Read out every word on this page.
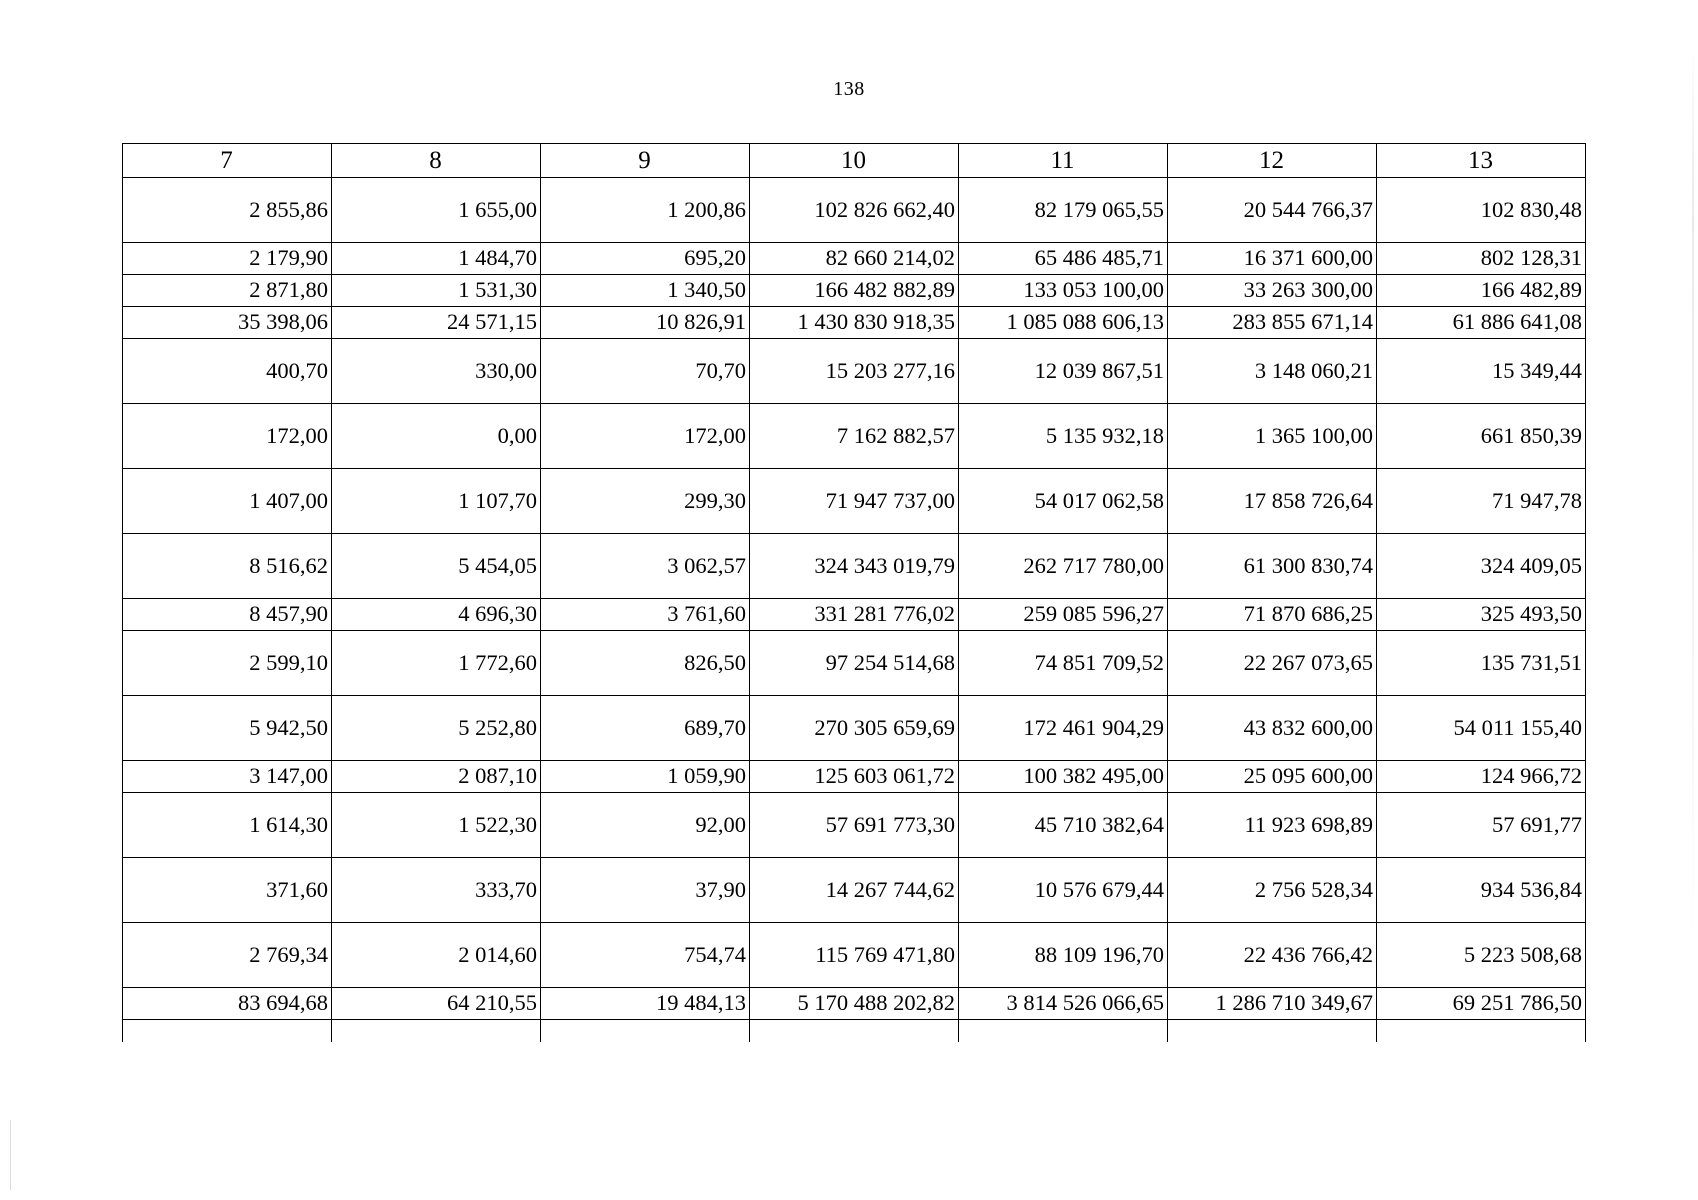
138
7	8	9	10	11	12	13
2 855,86	1 655,00	1 200,86	102 826 662,40	82 179 065,55	20 544 766,37	102 830,48
2 179,90	1 484,70	695,20	82 660 214,02	65 486 485,71	16 371 600,00	802 128,31
2 871,80	1 531,30	1 340,50	166 482 882,89	133 053 100,00	33 263 300,00	166 482,89
35 398,06	24 571,15	10 826,91	1 430 830 918,35	1 085 088 606,13	283 855 671,14	61 886 641,08
400,70	330,00	70,70	15 203 277,16	12 039 867,51	3 148 060,21	15 349,44
172,00	0,00	172,00	7 162 882,57	5 135 932,18	1 365 100,00	661 850,39
1 407,00	1 107,70	299,30	71 947 737,00	54 017 062,58	17 858 726,64	71 947,78
8 516,62	5 454,05	3 062,57	324 343 019,79	262 717 780,00	61 300 830,74	324 409,05
8 457,90	4 696,30	3 761,60	331 281 776,02	259 085 596,27	71 870 686,25	325 493,50
2 599,10	1 772,60	826,50	97 254 514,68	74 851 709,52	22 267 073,65	135 731,51
5 942,50	5 252,80	689,70	270 305 659,69	172 461 904,29	43 832 600,00	54 011 155,40
3 147,00	2 087,10	1 059,90	125 603 061,72	100 382 495,00	25 095 600,00	124 966,72
1 614,30	1 522,30	92,00	57 691 773,30	45 710 382,64	11 923 698,89	57 691,77
371,60	333,70	37,90	14 267 744,62	10 576 679,44	2 756 528,34	934 536,84
2 769,34	2 014,60	754,74	115 769 471,80	88 109 196,70	22 436 766,42	5 223 508,68
83 694,68	64 210,55	19 484,13	5 170 488 202,82	3 814 526 066,65	1 286 710 349,67	69 251 786,50
